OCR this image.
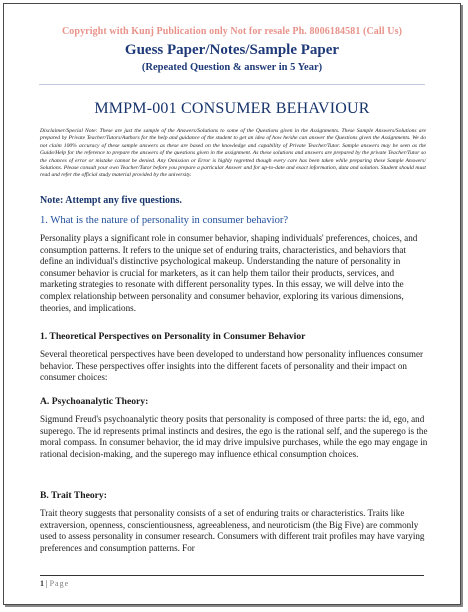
Copyright with Kunj Publication only Not for resale Ph. 8006184581 (Call Us)
Guess Paper/Notes/Sample Paper
(Repeated Question & answer in 5 Year)
MMPM-001 CONSUMER BEHAVIOUR
Disclaimer/Special Note: These are just the sample of the Answers/Solutions to some of the Questions given in the Assignments. These Sample Answers/Solutions are prepared by Private Teacher/Tutors/Authors for the help and guidance of the student to get an idea of how he/she can answer the Questions given the Assignments. We do not claim 100% accuracy of these sample answers as these are based on the knowledge and capability of Private Teacher/Tutor. Sample answers may be seen as the Guide/Help for the reference to prepare the answers of the questions given in the assignment. As these solutions and answers are prepared by the private Teacher/Tutor so the chances of error or mistake cannot be denied. Any Omission or Error is highly regretted though every care has been taken while preparing these Sample Answers/ Solutions. Please consult your own Teacher/Tutor before you prepare a particular Answer and for up-to-date and exact information, data and solution. Student should must read and refer the official study material provided by the university.
Note: Attempt any five questions.
1. What is the nature of personality in consumer behavior?

Personality plays a significant role in consumer behavior, shaping individuals' preferences, choices, and consumption patterns. It refers to the unique set of enduring traits, characteristics, and behaviors that define an individual's distinctive psychological makeup. Understanding the nature of personality in consumer behavior is crucial for marketers, as it can help them tailor their products, services, and marketing strategies to resonate with different personality types. In this essay, we will delve into the complex relationship between personality and consumer behavior, exploring its various dimensions, theories, and implications.

1. Theoretical Perspectives on Personality in Consumer Behavior

Several theoretical perspectives have been developed to understand how personality influences consumer behavior. These perspectives offer insights into the different facets of personality and their impact on consumer choices:

A. Psychoanalytic Theory:

Sigmund Freud's psychoanalytic theory posits that personality is composed of three parts: the id, ego, and superego. The id represents primal instincts and desires, the ego is the rational self, and the superego is the moral compass. In consumer behavior, the id may drive impulsive purchases, while the ego may engage in rational decision-making, and the superego may influence ethical consumption choices.

B. Trait Theory:

Trait theory suggests that personality consists of a set of enduring traits or characteristics. Traits like extraversion, openness, conscientiousness, agreeableness, and neuroticism (the Big Five) are commonly used to assess personality in consumer research. Consumers with different trait profiles may have varying preferences and consumption patterns. For

1 | Page
